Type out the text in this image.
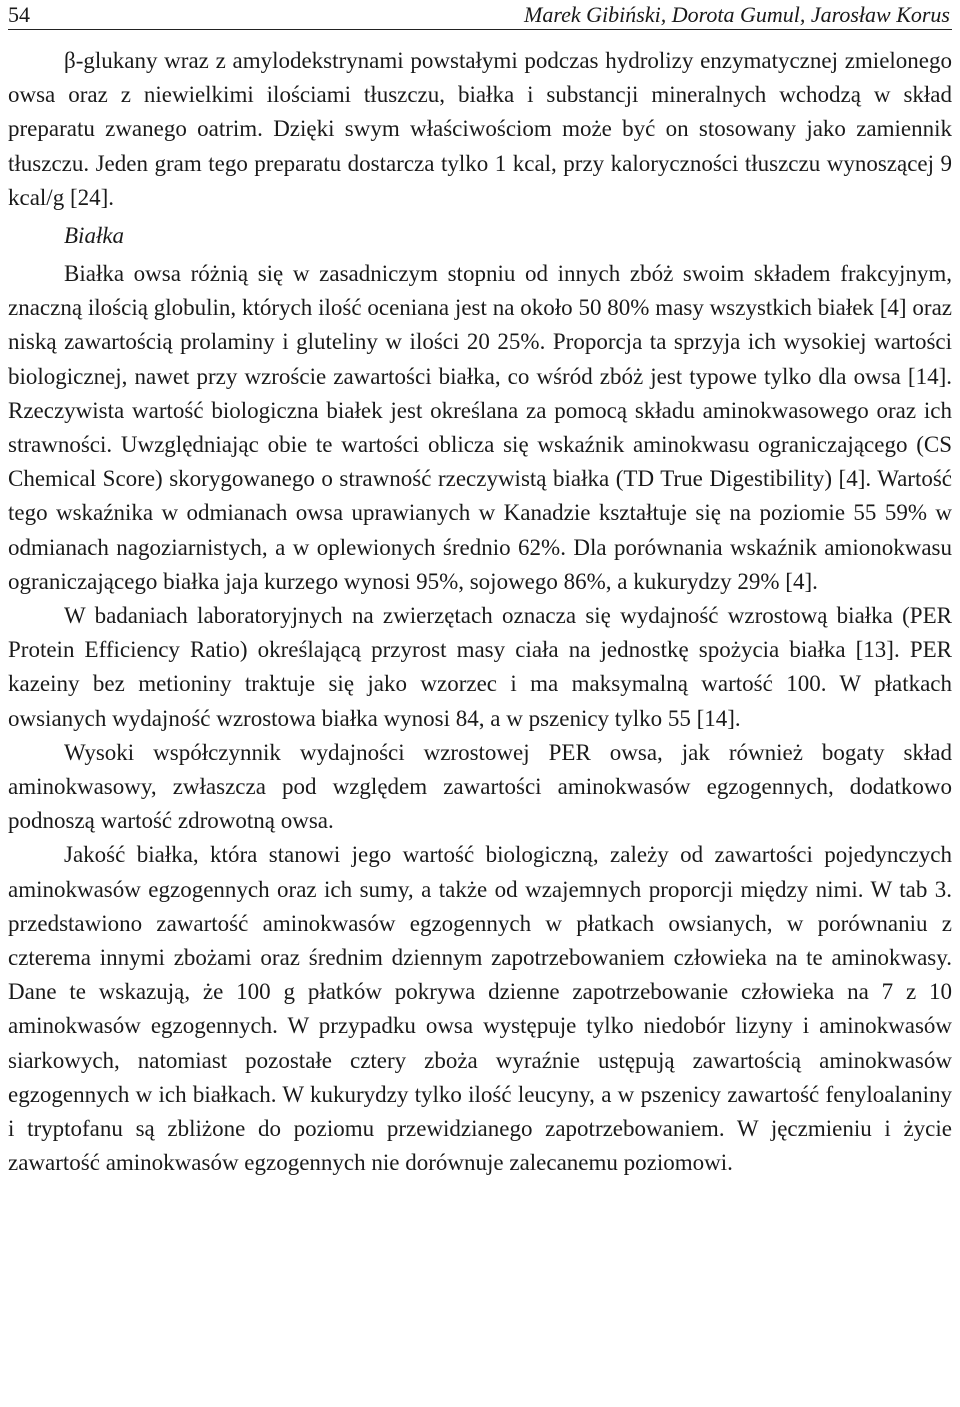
54	Marek Gibiński, Dorota Gumul, Jarosław Korus

β-glukany wraz z amylodekstrynami powstałymi podczas hydrolizy enzymatycznej zmielonego owsa oraz z niewielkimi ilościami tłuszczu, białka i substancji mineralnych wchodzą w skład preparatu zwanego oatrim. Dzięki swym właściwościom może być on stosowany jako zamiennik tłuszczu. Jeden gram tego preparatu dostarcza tylko 1 kcal, przy kaloryczności tłuszczu wynoszącej 9 kcal/g [24].

Białka

Białka owsa różnią się w zasadniczym stopniu od innych zbóż swoim składem frakcyjnym, znaczną ilością globulin, których ilość oceniana jest na około 50 80% masy wszystkich białek [4] oraz niską zawartością prolaminy i gluteliny w ilości 20 25%. Proporcja ta sprzyja ich wysokiej wartości biologicznej, nawet przy wzroście zawartości białka, co wśród zbóż jest typowe tylko dla owsa [14]. Rzeczywista wartość biologiczna białek jest określana za pomocą składu aminokwasowego oraz ich strawności. Uwzględniając obie te wartości oblicza się wskaźnik aminokwasu ograniczającego (CS Chemical Score) skorygowanego o strawność rzeczywistą białka (TD True Digestibility) [4]. Wartość tego wskaźnika w odmianach owsa uprawianych w Kanadzie kształtuje się na poziomie 55 59% w odmianach nagoziarnistych, a w oplewionych średnio 62%. Dla porównania wskaźnik amionokwasu ograniczającego białka jaja kurzego wynosi 95%, sojowego 86%, a kukurydzy 29% [4].

W badaniach laboratoryjnych na zwierzętach oznacza się wydajność wzrostową białka (PER Protein Efficiency Ratio) określającą przyrost masy ciała na jednostkę spożycia białka [13]. PER kazeiny bez metioniny traktuje się jako wzorzec i ma maksymalną wartość 100. W płatkach owsianych wydajność wzrostowa białka wynosi 84, a w pszenicy tylko 55 [14].

Wysoki współczynnik wydajności wzrostowej PER owsa, jak również bogaty skład aminokwasowy, zwłaszcza pod względem zawartości aminokwasów egzogennych, dodatkowo podnoszą wartość zdrowotną owsa.

Jakość białka, która stanowi jego wartość biologiczną, zależy od zawartości pojedynczych aminokwasów egzogennych oraz ich sumy, a także od wzajemnych proporcji między nimi. W tab 3. przedstawiono zawartość aminokwasów egzogennych w płatkach owsianych, w porównaniu z czterema innymi zbożami oraz średnim dziennym zapotrzebowaniem człowieka na te aminokwasy. Dane te wskazują, że 100 g płatków pokrywa dzienne zapotrzebowanie człowieka na 7 z 10 aminokwasów egzogennych. W przypadku owsa występuje tylko niedobór lizyny i aminokwasów siarkowych, natomiast pozostałe cztery zboża wyraźnie ustępują zawartością aminokwasów egzogennych w ich białkach. W kukurydzy tylko ilość leucyny, a w pszenicy zawartość fenyloalaniny i tryptofanu są zbliżone do poziomu przewidzianego zapotrzebowaniem. W jęczmieniu i życie zawartość aminokwasów egzogennych nie dorównuje zalecanemu poziomowi.
